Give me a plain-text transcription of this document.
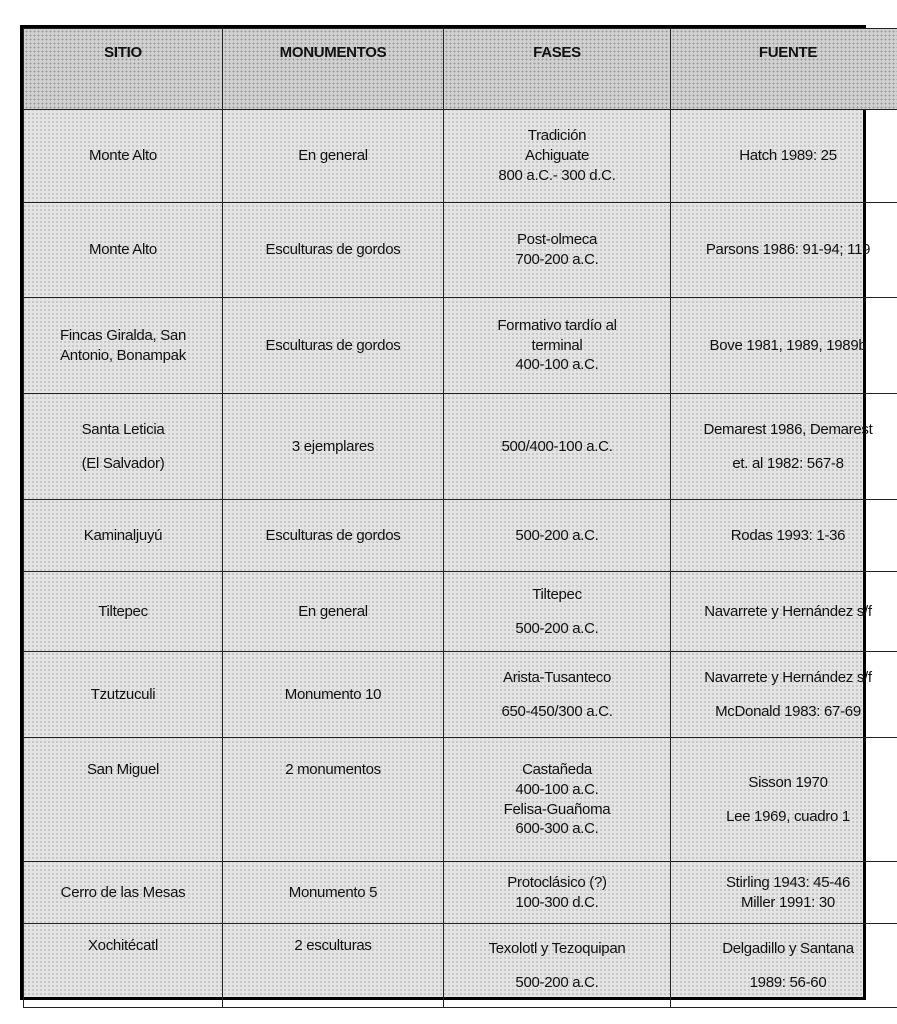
SITIO	MONUMENTOS	FASES	FUENTE

Monte Alto	En general	Tradición
Achiguate
800 a.C.- 300 d.C.	Hatch 1989: 25

Monte Alto	Esculturas de gordos	Post-olmeca
700-200 a.C.	Parsons 1986: 91-94; 119

Fincas Giralda, San
Antonio, Bonampak	Esculturas de gordos	Formativo tardío al
terminal
400-100 a.C.	Bove 1981, 1989, 1989b

Santa Leticia
(El Salvador)	3 ejemplares	500/400-100 a.C.	Demarest 1986, Demarest
et. al 1982: 567-8

Kaminaljuyú	Esculturas de gordos	500-200 a.C.	Rodas 1993: 1-36

Tiltepec	En general	Tiltepec
500-200 a.C.	Navarrete y Hernández s/f

Tzutzuculi	Monumento 10	Arista-Tusanteco
650-450/300 a.C.	Navarrete y Hernández s/f
McDonald 1983: 67-69

San Miguel	2 monumentos	Castañeda
400-100 a.C.
Felisa-Guañoma
600-300 a.C.	Sisson 1970
Lee 1969, cuadro 1

Cerro de las Mesas	Monumento 5	Protoclásico (?)
100-300 d.C.	Stirling 1943: 45-46
Miller 1991: 30

Xochitécatl	2 esculturas	Texolotl y Tezoquipan
500-200 a.C.	Delgadillo y Santana
1989: 56-60
